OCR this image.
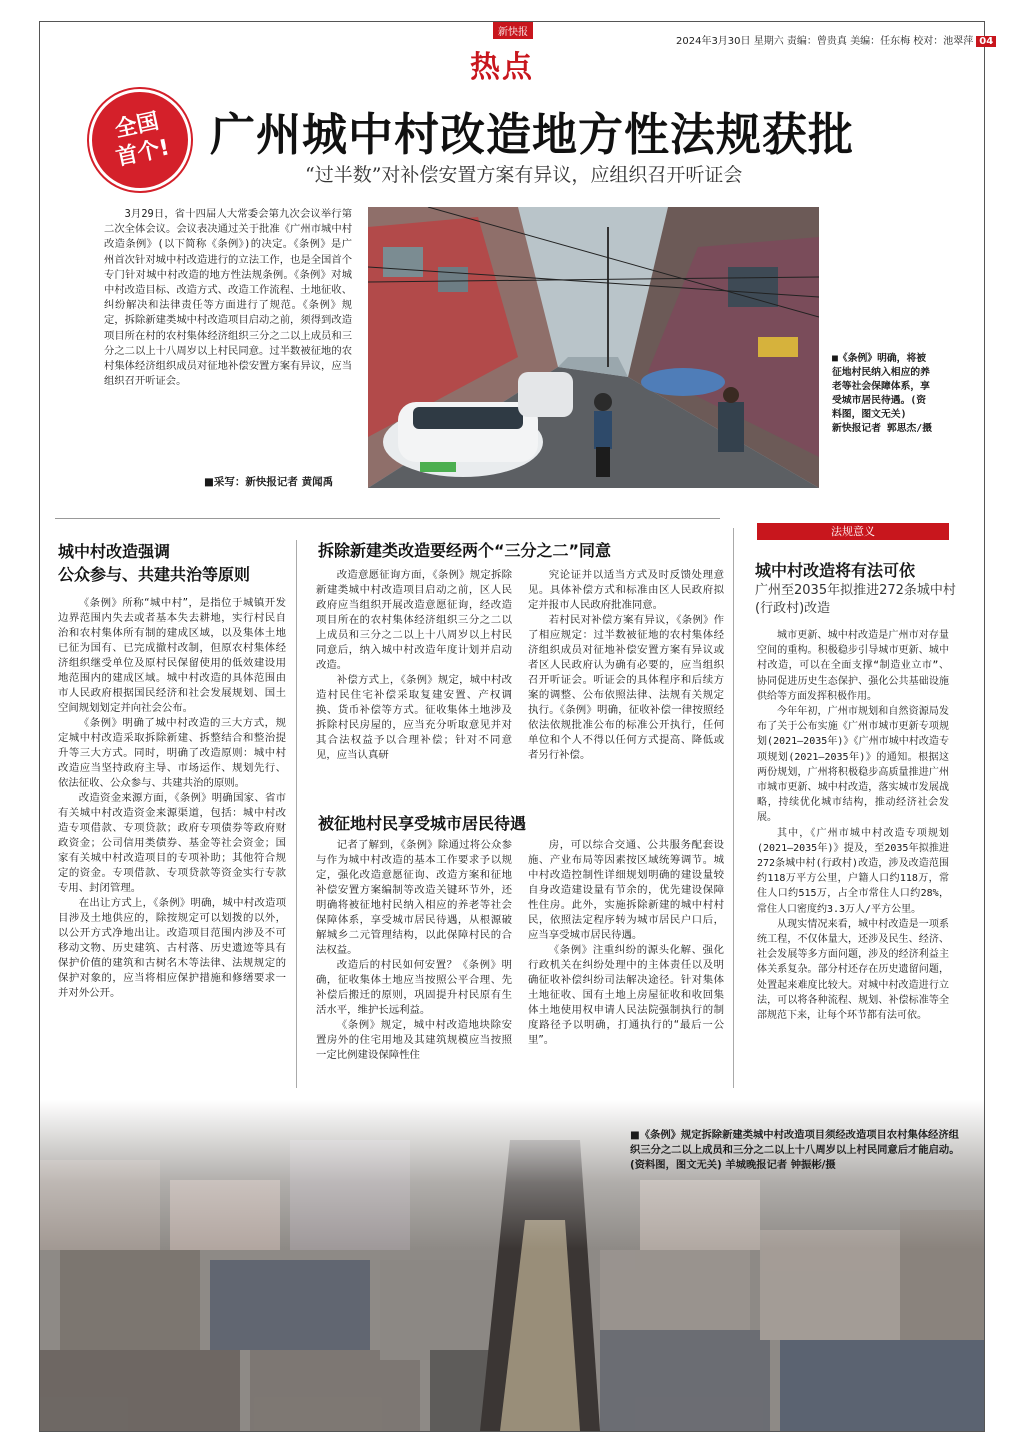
新快报
热点
2024年3月30日 星期六 责编：曾贵真 美编：任东梅 校对：池翠萍 04
全国
首个! 广州城中村改造地方性法规获批
“过半数”对补偿安置方案有异议，应组织召开听证会
3月29日，省十四届人大常委会第九次会议举行第二次全体会议。会议表决通过关于批准《广州市城中村改造条例》(以下简称《条例》)的决定。《条例》是广州首次针对城中村改造进行的立法工作，也是全国首个专门针对城中村改造的地方性法规条例。《条例》对城中村改造目标、改造方式、改造工作流程、土地征收、纠纷解决和法律责任等方面进行了规范。《条例》规定，拆除新建类城中村改造项目启动之前，须得到改造项目所在村的农村集体经济组织三分之二以上成员和三分之二以上十八周岁以上村民同意。过半数被征地的农村集体经济组织成员对征地补偿安置方案有异议，应当组织召开听证会。
■采写：新快报记者 黄闻禹
■《条例》明确，将被征地村民纳入相应的养老等社会保障体系，享受城市居民待遇。(资料图，图文无关)
新快报记者 郭思杰/摄
城中村改造强调
公众参与、共建共治等原则

《条例》所称“城中村”，是指位于城镇开发边界范围内失去或者基本失去耕地，实行村民自治和农村集体所有制的建成区域，以及集体土地已征为国有、已完成撤村改制，但原农村集体经济组织继受单位及原村民保留使用的低效建设用地范围内的建成区域。城中村改造的具体范围由市人民政府根据国民经济和社会发展规划、国土空间规划划定并向社会公布。

《条例》明确了城中村改造的三大方式，规定城中村改造采取拆除新建、拆整结合和整治提升等三大方式。同时，明确了改造原则：城中村改造应当坚持政府主导、市场运作、规划先行、依法征收、公众参与、共建共治的原则。

改造资金来源方面，《条例》明确国家、省市有关城中村改造资金来源渠道，包括：城中村改造专项借款、专项贷款；政府专项债券等政府财政资金；公司信用类债券、基金等社会资金；国家有关城中村改造项目的专项补助；其他符合规定的资金。专项借款、专项贷款等资金实行专款专用、封闭管理。

在出让方式上，《条例》明确，城中村改造项目涉及土地供应的，除按规定可以划拨的以外，以公开方式净地出让。改造项目范围内涉及不可移动文物、历史建筑、古村落、历史遗迹等具有保护价值的建筑和古树名木等法律、法规规定的保护对象的，应当将相应保护措施和修缮要求一并对外公开。

拆除新建类改造要经两个“三分之二”同意

改造意愿征询方面，《条例》规定拆除新建类城中村改造项目启动之前，区人民政府应当组织开展改造意愿征询，经改造项目所在的农村集体经济组织三分之二以上成员和三分之二以上十八周岁以上村民同意后，纳入城中村改造年度计划并启动改造。

补偿方式上，《条例》规定，城中村改造村民住宅补偿采取复建安置、产权调换、货币补偿等方式。征收集体土地涉及拆除村民房屋的，应当充分听取意见并对其合法权益予以合理补偿；针对不同意见，应当认真研

究论证并以适当方式及时反馈处理意见。具体补偿方式和标准由区人民政府拟定并报市人民政府批准同意。

若村民对补偿方案有异议，《条例》作了相应规定：过半数被征地的农村集体经济组织成员对征地补偿安置方案有异议或者区人民政府认为确有必要的，应当组织召开听证会。听证会的具体程序和后续方案的调整、公布依照法律、法规有关规定执行。《条例》明确，征收补偿一律按照经依法依规批准公布的标准公开执行，任何单位和个人不得以任何方式提高、降低或者另行补偿。

被征地村民享受城市居民待遇

记者了解到，《条例》除通过将公众参与作为城中村改造的基本工作要求予以规定，强化改造意愿征询、改造方案和征地补偿安置方案编制等改造关键环节外，还明确将被征地村民纳入相应的养老等社会保障体系，享受城市居民待遇，从根源破解城乡二元管理结构，以此保障村民的合法权益。

改造后的村民如何安置？《条例》明确，征收集体土地应当按照公平合理、先补偿后搬迁的原则，巩固提升村民原有生活水平，维护长远利益。

《条例》规定，城中村改造地块除安置房外的住宅用地及其建筑规模应当按照一定比例建设保障性住

房，可以综合交通、公共服务配套设施、产业布局等因素按区域统筹调节。城中村改造控制性详细规划明确的建设量较自身改造建设量有节余的，优先建设保障性住房。此外，实施拆除新建的城中村村民，依照法定程序转为城市居民户口后，应当享受城市居民待遇。

《条例》注重纠纷的源头化解、强化行政机关在纠纷处理中的主体责任以及明确征收补偿纠纷司法解决途径。针对集体土地征收、国有土地上房屋征收和收回集体土地使用权申请人民法院强制执行的制度路径予以明确，打通执行的“最后一公里”。

法规意义
城中村改造将有法可依
广州至2035年拟推进272条城中村(行政村)改造

城市更新、城中村改造是广州市对存量空间的重构。积极稳步引导城市更新、城中村改造，可以在全面支撑“制造业立市”、协同促进历史生态保护、强化公共基础设施供给等方面发挥积极作用。

今年年初，广州市规划和自然资源局发布了关于公布实施《广州市城市更新专项规划(2021—2035年)》《广州市城中村改造专项规划(2021—2035年)》的通知。根据这两份规划，广州将积极稳步高质量推进广州市城市更新、城中村改造，落实城市发展战略，持续优化城市结构，推动经济社会发展。

其中，《广州市城中村改造专项规划(2021—2035年)》提及，至2035年拟推进272条城中村(行政村)改造，涉及改造范围约118万平方公里，户籍人口约118万，常住人口约515万，占全市常住人口约28%，常住人口密度约3.3万人/平方公里。

从现实情况来看，城中村改造是一项系统工程，不仅体量大，还涉及民生、经济、社会发展等多方面问题，涉及的经济利益主体关系复杂。部分村还存在历史遗留问题，处置起来难度比较大。对城中村改造进行立法，可以将各种流程、规划、补偿标准等全部规范下来，让每个环节都有法可依。

■《条例》规定拆除新建类城中村改造项目须经改造项目农村集体经济组织三分之二以上成员和三分之二以上十八周岁以上村民同意后才能启动。(资料图，图文无关) 羊城晚报记者 钟振彬/摄
